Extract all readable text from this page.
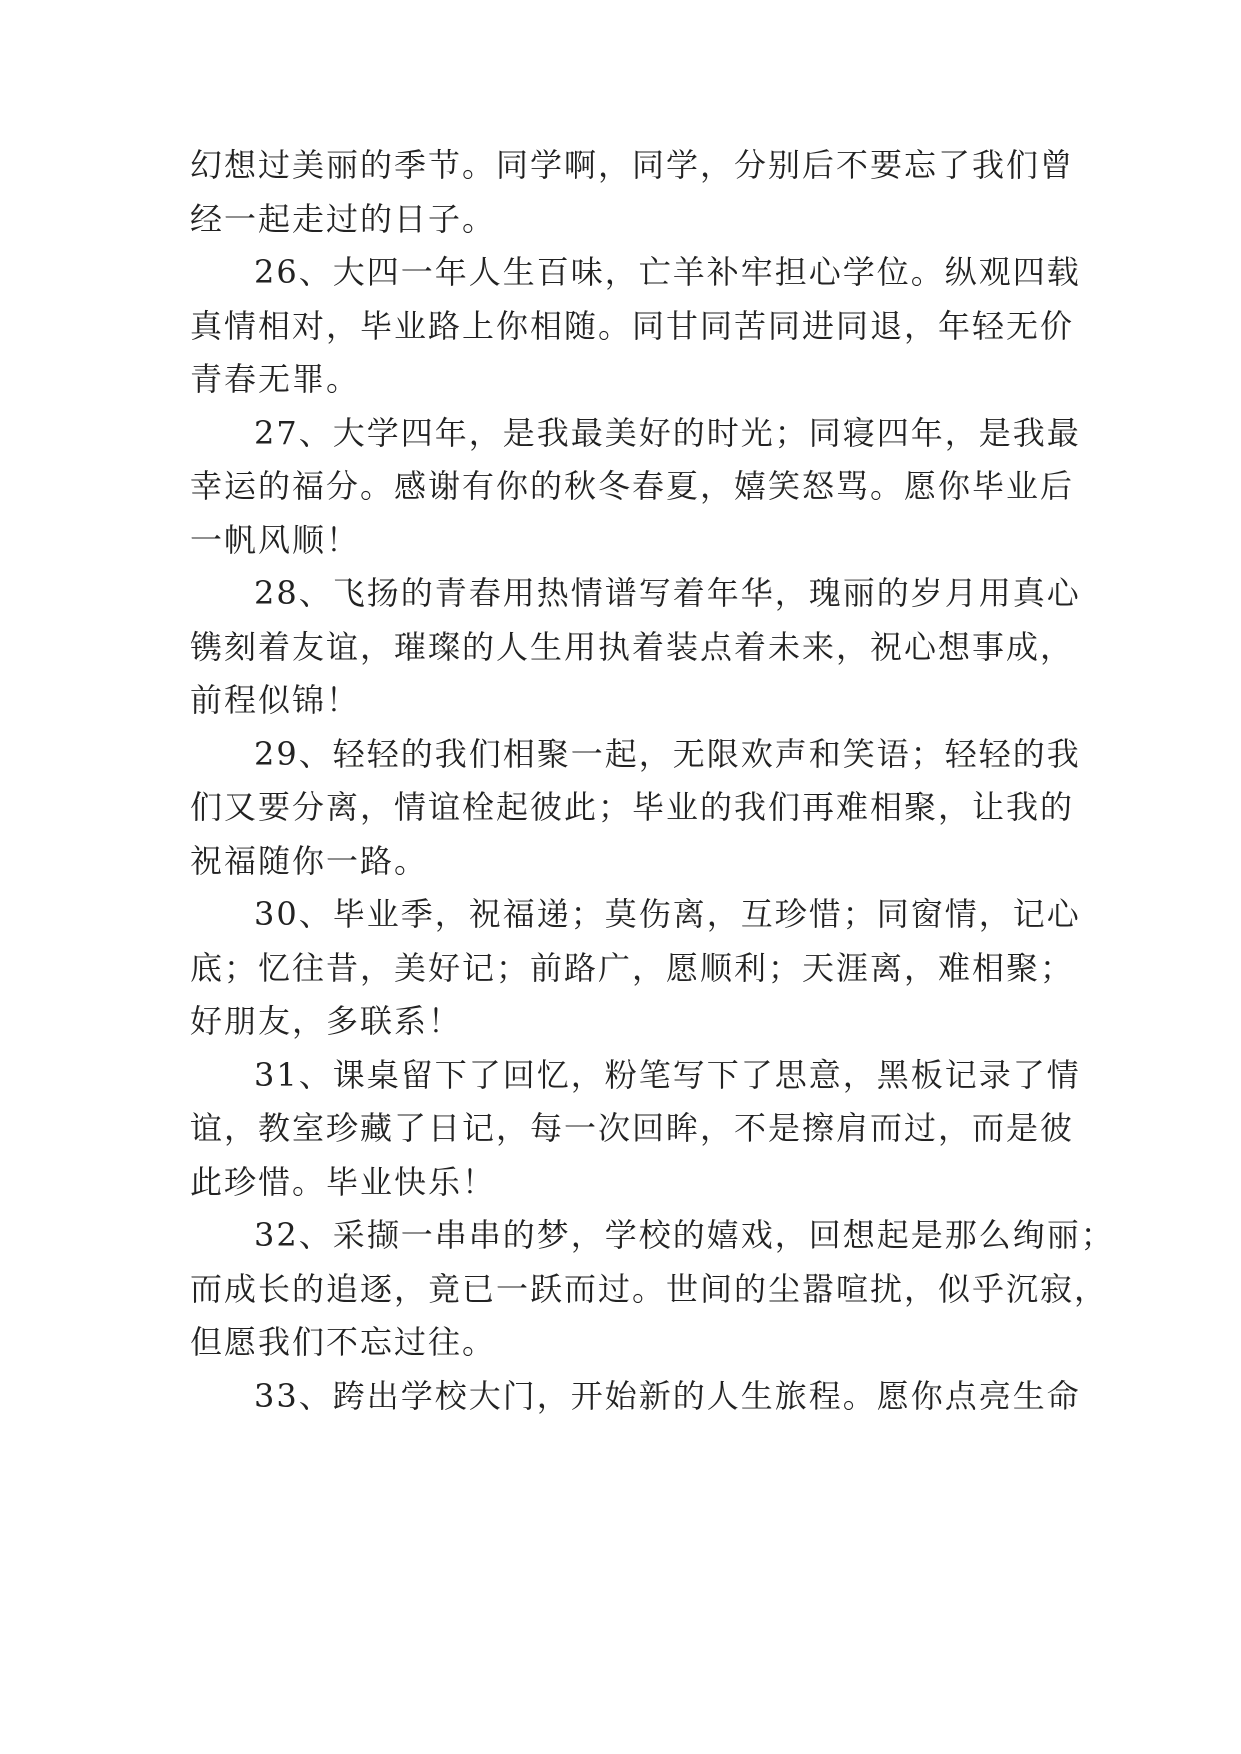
幻想过美丽的季节。同学啊，同学，分别后不要忘了我们曾
经一起走过的日子。
26、大四一年人生百味，亡羊补牢担心学位。纵观四载
真情相对，毕业路上你相随。同甘同苦同进同退，年轻无价
青春无罪。
27、大学四年，是我最美好的时光；同寝四年，是我最
幸运的福分。感谢有你的秋冬春夏，嬉笑怒骂。愿你毕业后
一帆风顺！
28、飞扬的青春用热情谱写着年华，瑰丽的岁月用真心
镌刻着友谊，璀璨的人生用执着装点着未来，祝心想事成，
前程似锦！
29、轻轻的我们相聚一起，无限欢声和笑语；轻轻的我
们又要分离，情谊栓起彼此；毕业的我们再难相聚，让我的
祝福随你一路。
30、毕业季，祝福递；莫伤离，互珍惜；同窗情，记心
底；忆往昔，美好记；前路广，愿顺利；天涯离，难相聚；
好朋友，多联系！
31、课桌留下了回忆，粉笔写下了思意，黑板记录了情
谊，教室珍藏了日记，每一次回眸，不是擦肩而过，而是彼
此珍惜。毕业快乐！
32、采撷一串串的梦，学校的嬉戏，回想起是那么绚丽；
而成长的追逐，竟已一跃而过。世间的尘嚣喧扰，似乎沉寂，
但愿我们不忘过往。
33、跨出学校大门，开始新的人生旅程。愿你点亮生命
